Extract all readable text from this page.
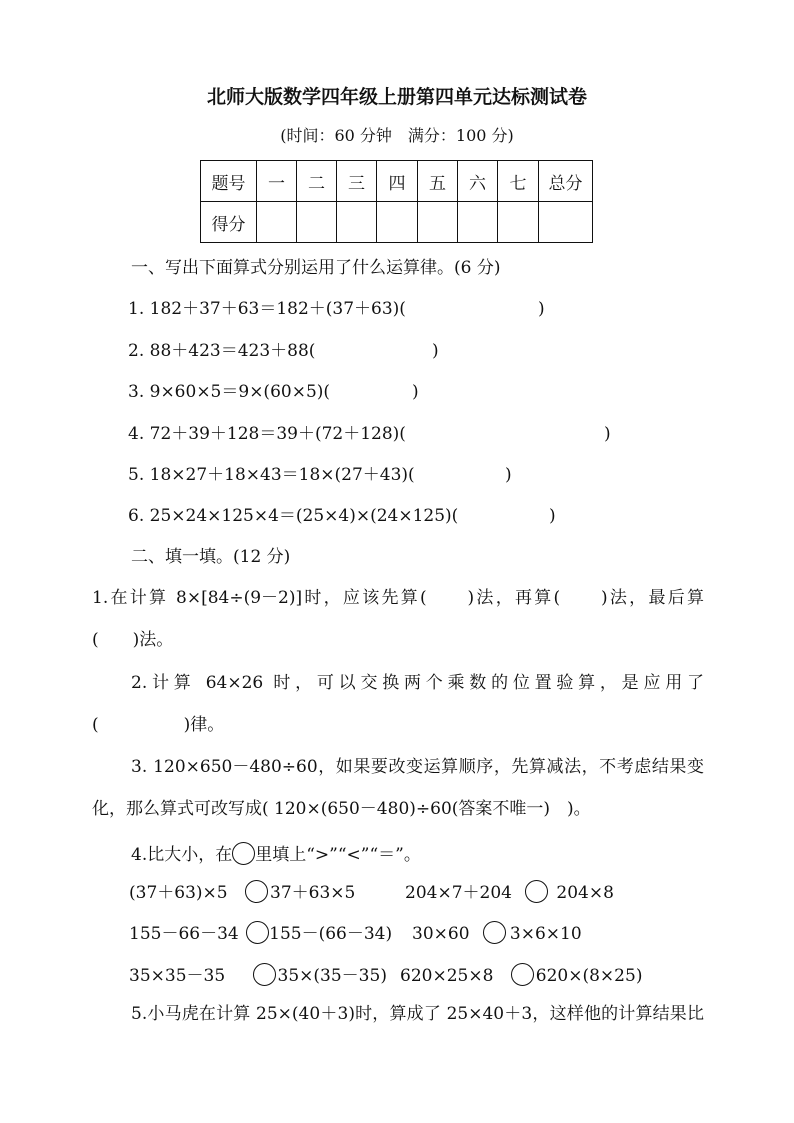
北师大版数学四年级上册第四单元达标测试卷
(时间：60 分钟　满分：100 分)
题号	一	二	三	四	五	六	七	总分
得分								
一、写出下面算式分别运用了什么运算律。(6 分)
1. 182＋37＋63＝182＋(37＋63)(	)
2. 88＋423＝423＋88(	)
3. 9×60×5＝9×(60×5)(	)
4. 72＋39＋128＝39＋(72＋128)(	)
5. 18×27＋18×43＝18×(27＋43)(	)
6. 25×24×125×4＝(25×4)×(24×125)(	)
二、填一填。(12 分)
1.在计算 8×[84÷(9－2)]时，应该先算(　　)法，再算(　　)法，最后算
(　　)法。
2.计算 64×26 时，可以交换两个乘数的位置验算，是应用了
(　　　　　)律。
3. 120×650－480÷60，如果要改变运算顺序，先算减法，不考虑结果变
化，那么算式可改写成( 120×(650－480)÷60(答案不唯一)　)。
4.比大小，在 里填上“>”“<”“＝”。
(37＋63)×5 37＋63×5	204×7＋204	204×8
155－66－34 155－(66－34) 30×60 3×6×10
35×35－35	35×(35－35) 620×25×8 620×(8×25)
5.小马虎在计算 25×(40＋3)时，算成了 25×40＋3，这样他的计算结果比
